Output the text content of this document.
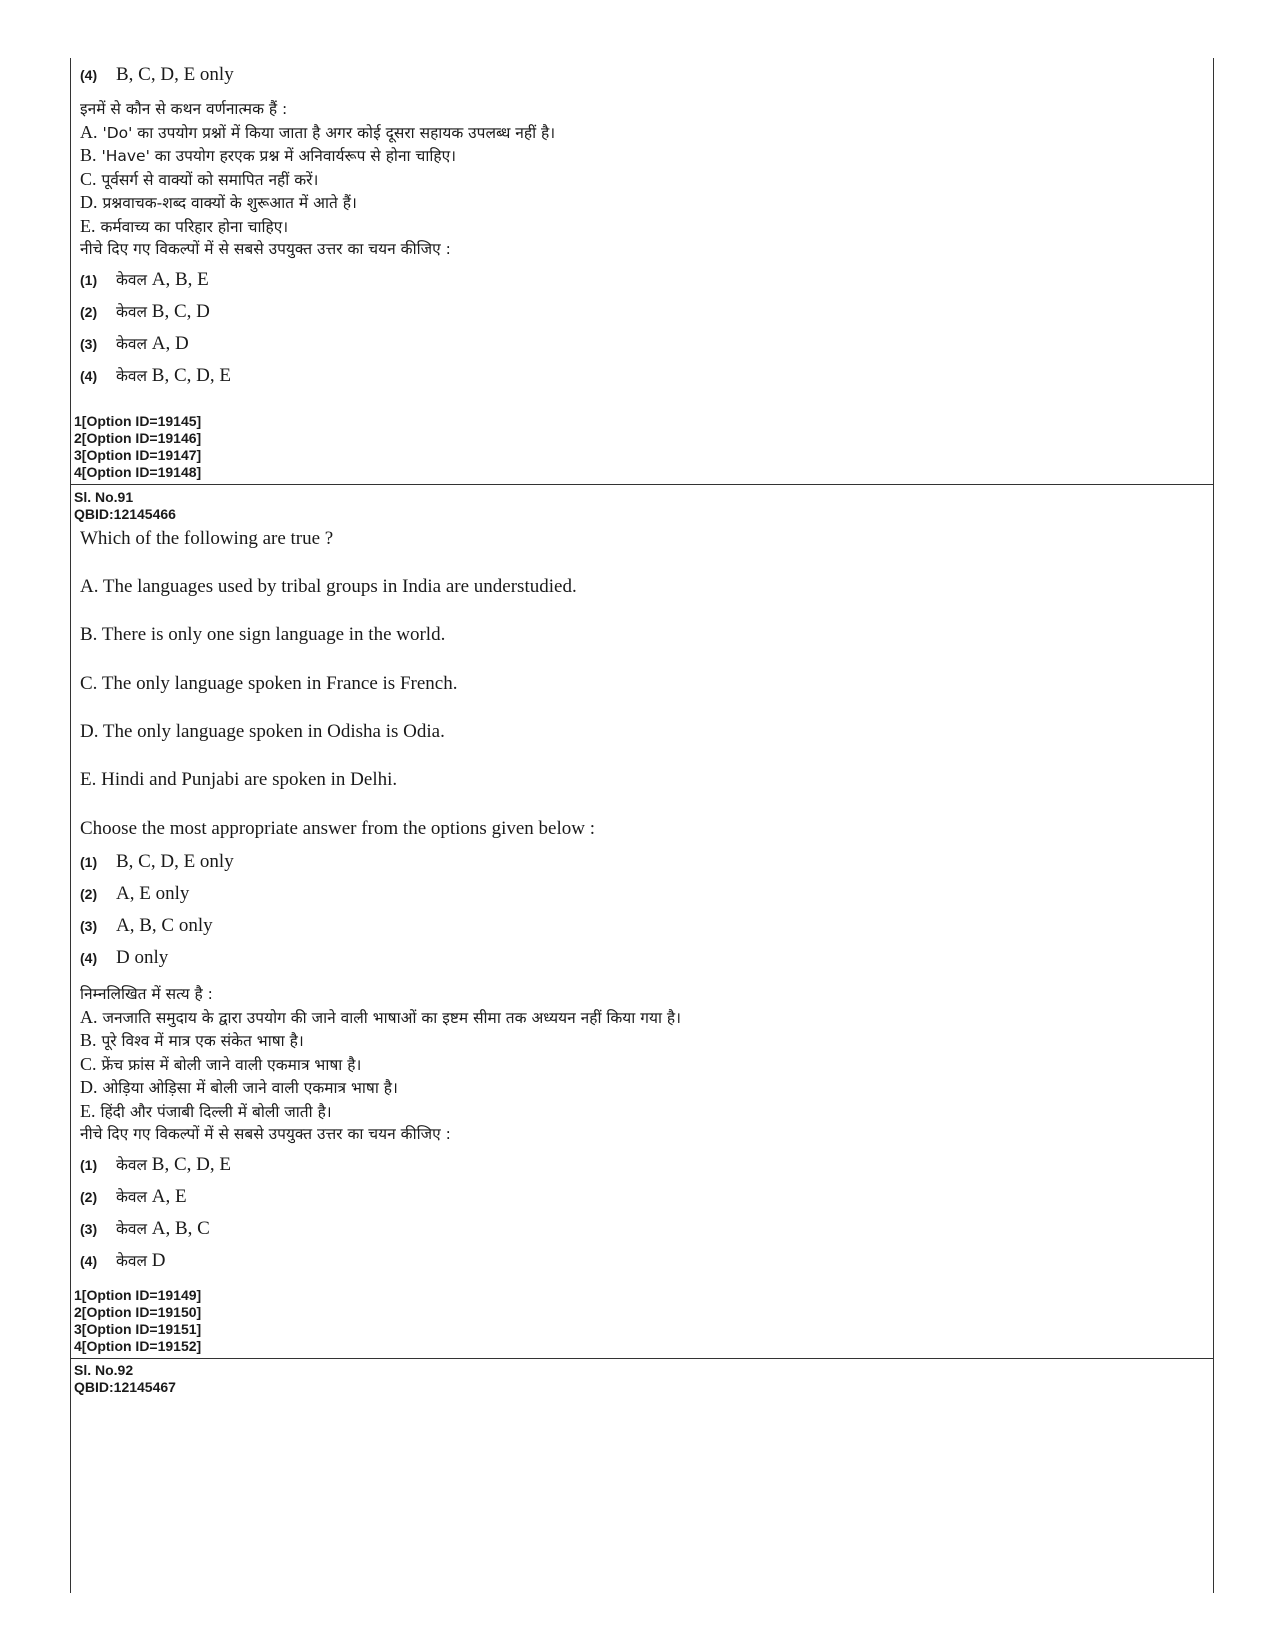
(4) B, C, D, E only
इनमें से कौन से कथन वर्णनात्मक हैं :
A. 'Do' का उपयोग प्रश्नों में किया जाता है अगर कोई दूसरा सहायक उपलब्ध नहीं है।
B. 'Have' का उपयोग हरएक प्रश्न में अनिवार्यरूप से होना चाहिए।
C. पूर्वसर्ग से वाक्यों को समापित नहीं करें।
D. प्रश्नवाचक-शब्द वाक्यों के शुरूआत में आते हैं।
E. कर्मवाच्य का परिहार होना चाहिए।
नीचे दिए गए विकल्पों में से सबसे उपयुक्त उत्तर का चयन कीजिए :
(1)	केवल
A, B, E
(2)	केवल
B, C, D
(3)	केवल
A, D
(4)	केवल
B, C, D, E
1[Option ID=19145]
2[Option ID=19146]
3[Option ID=19147]
4[Option ID=19148]
Sl. No.91
QBID:12145466

Which of the following are true ?

A. The languages used by tribal groups in India are understudied.

B. There is only one sign language in the world.

C. The only language spoken in France is French.

D. The only language spoken in Odisha is Odia.

E. Hindi and Punjabi are spoken in Delhi.

Choose the most appropriate answer from the options given below :

(1) B, C, D, E only
(2) A, E only
(3) A, B, C only
(4) D only
निम्नलिखित में सत्य है :
A. जनजाति समुदाय के द्वारा उपयोग की जाने वाली भाषाओं का इष्टम सीमा तक अध्ययन नहीं किया गया है।
B. पूरे विश्व में मात्र एक संकेत भाषा है।
C. फ्रेंच फ्रांस में बोली जाने वाली एकमात्र भाषा है।
D. ओड़िया ओड़िसा में बोली जाने वाली एकमात्र भाषा है।
E. हिंदी और पंजाबी दिल्ली में बोली जाती है।
नीचे दिए गए विकल्पों में से सबसे उपयुक्त उत्तर का चयन कीजिए :
(1)	केवल
B, C, D, E
(2)	केवल
A, E
(3)	केवल
A, B, C
(4)	केवल
D
1[Option ID=19149]
2[Option ID=19150]
3[Option ID=19151]
4[Option ID=19152]
Sl. No.92
QBID:12145467
